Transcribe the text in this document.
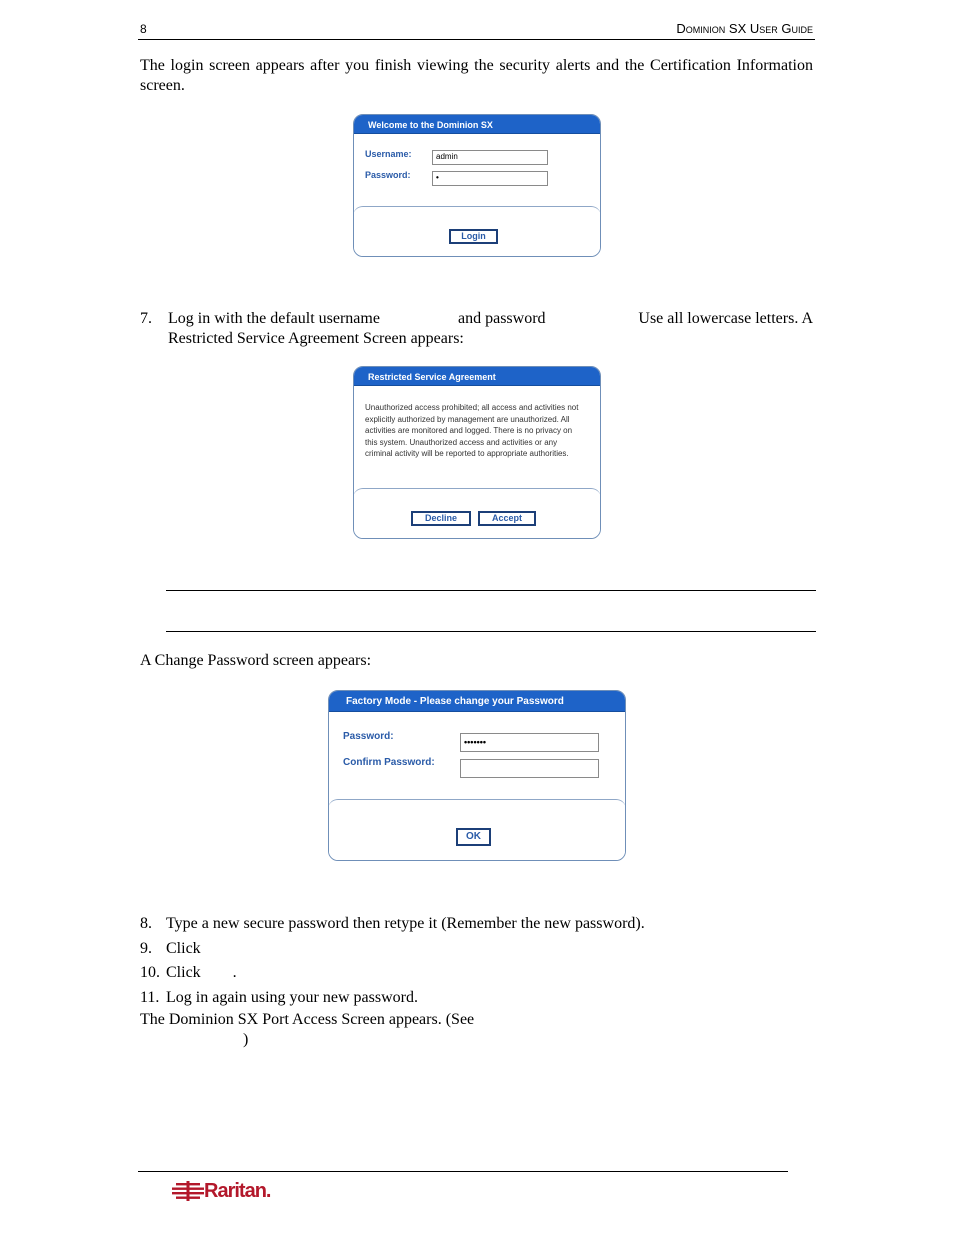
8	Dominion SX User Guide
The login screen appears after you finish viewing the security alerts and the Certification Information screen.
Welcome to the Dominion SX
Username:	admin
Password:	•
Login
7. Log in with the default username	and password	Use all lowercase letters. A
Restricted Service Agreement Screen appears:
Restricted Service Agreement
Unauthorized access prohibited; all access and activities not explicitly authorized by management are unauthorized. All activities are monitored and logged. There is no privacy on this system. Unauthorized access and activities or any criminal activity will be reported to appropriate authorities.
Decline	Accept
A Change Password screen appears:
Factory Mode - Please change your Password
Password:	•••••••
Confirm Password:
OK
8. Type a new secure password then retype it (Remember the new password).
9. Click
10. Click        .
11. Log in again using your new password.
The Dominion SX Port Access Screen appears. (See
)
Raritan.
